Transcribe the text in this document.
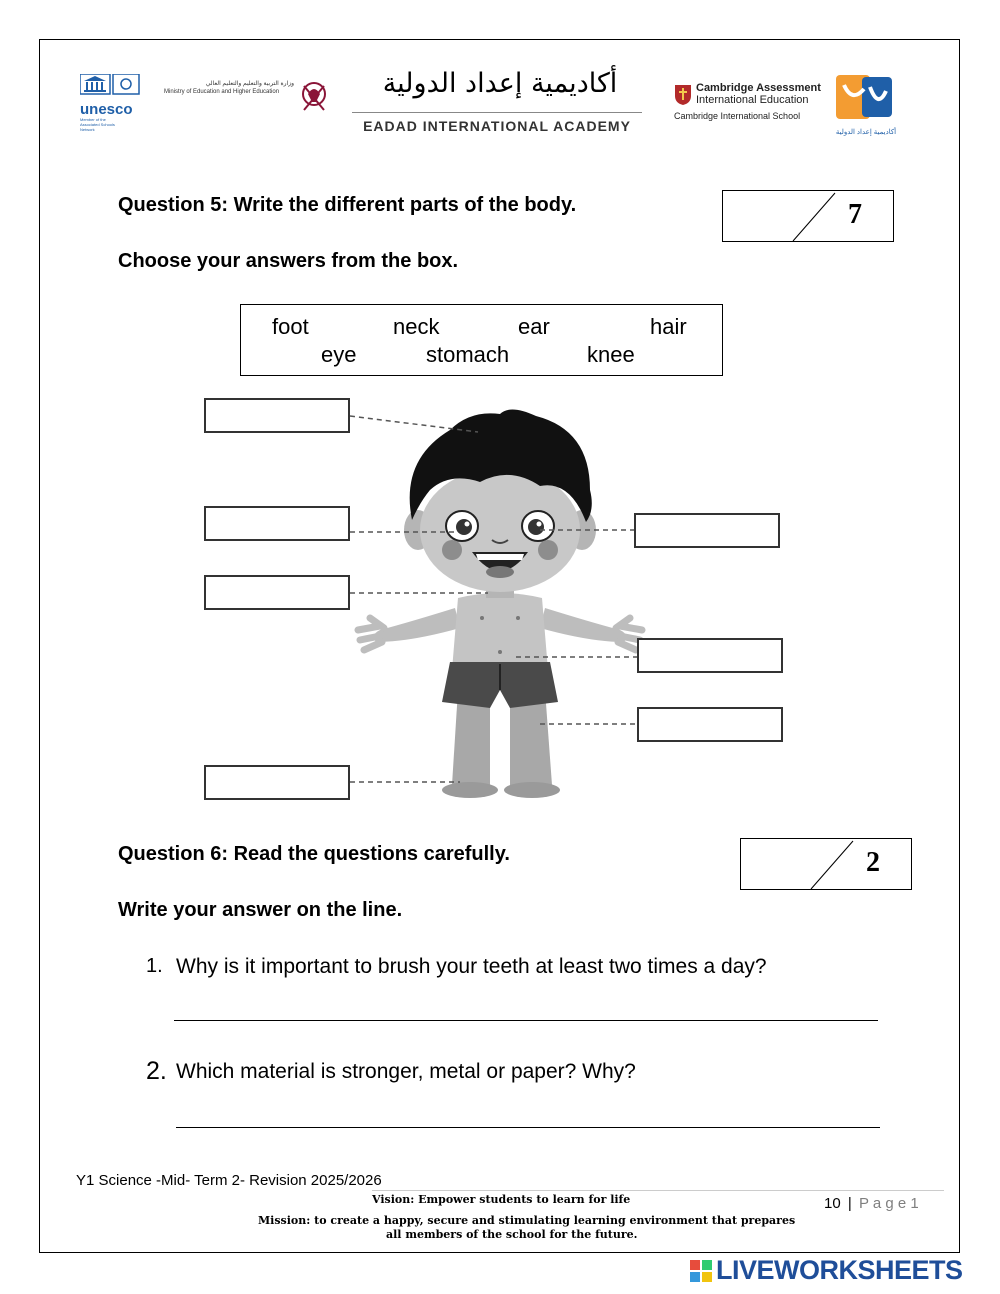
unesco
Member of the Associated Schools Network
وزارة التربية والتعليم والتعليم العالي
Ministry of Education and Higher Education	أكاديمية إعداد الدولية
EADAD INTERNATIONAL ACADEMY
Cambridge Assessment
International Education
Cambridge International School
أكاديمية إعداد الدولية
Question 5: Write the different parts of the body.
Choose your answers from the box.
7
foot	neck	ear	hair
eye	stomach	knee
Question 6: Read the questions carefully.
Write your answer on the line.
2
1. Why is it important to brush your teeth at least two times a day?
2. Which material is stronger, metal or paper? Why?
Y1 Science -Mid- Term 2- Revision 2025/2026
Vision: Empower students to learn for life
Mission: to create a happy, secure and stimulating learning environment that prepares
all members of the school for the future.
10 | P a g e 1
LIVEWORKSHEETS
